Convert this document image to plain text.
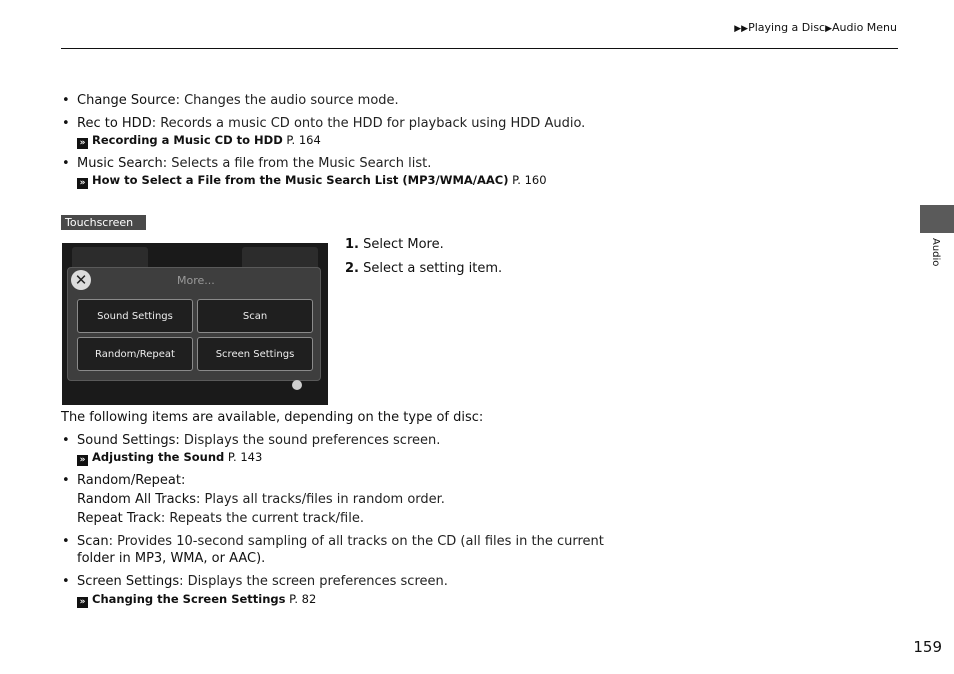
▶▶Playing a Disc▶Audio Menu
Audio
• Change Source: Changes the audio source mode.
• Rec to HDD: Records a music CD onto the HDD for playback using HDD Audio.
» Recording a Music CD to HDD P. 164
• Music Search: Selects a file from the Music Search list.
» How to Select a File from the Music Search List (MP3/WMA/AAC) P. 160
Touchscreen
✕	More...
Sound Settings	Scan
Random/Repeat	Screen Settings
1. Select More.
2. Select a setting item.
The following items are available, depending on the type of disc:
• Sound Settings: Displays the sound preferences screen.
» Adjusting the Sound P. 143
• Random/Repeat:
Random All Tracks: Plays all tracks/files in random order.
Repeat Track: Repeats the current track/file.
• Scan: Provides 10-second sampling of all tracks on the CD (all files in the current
folder in MP3, WMA, or AAC).
• Screen Settings: Displays the screen preferences screen.
» Changing the Screen Settings P. 82
159
